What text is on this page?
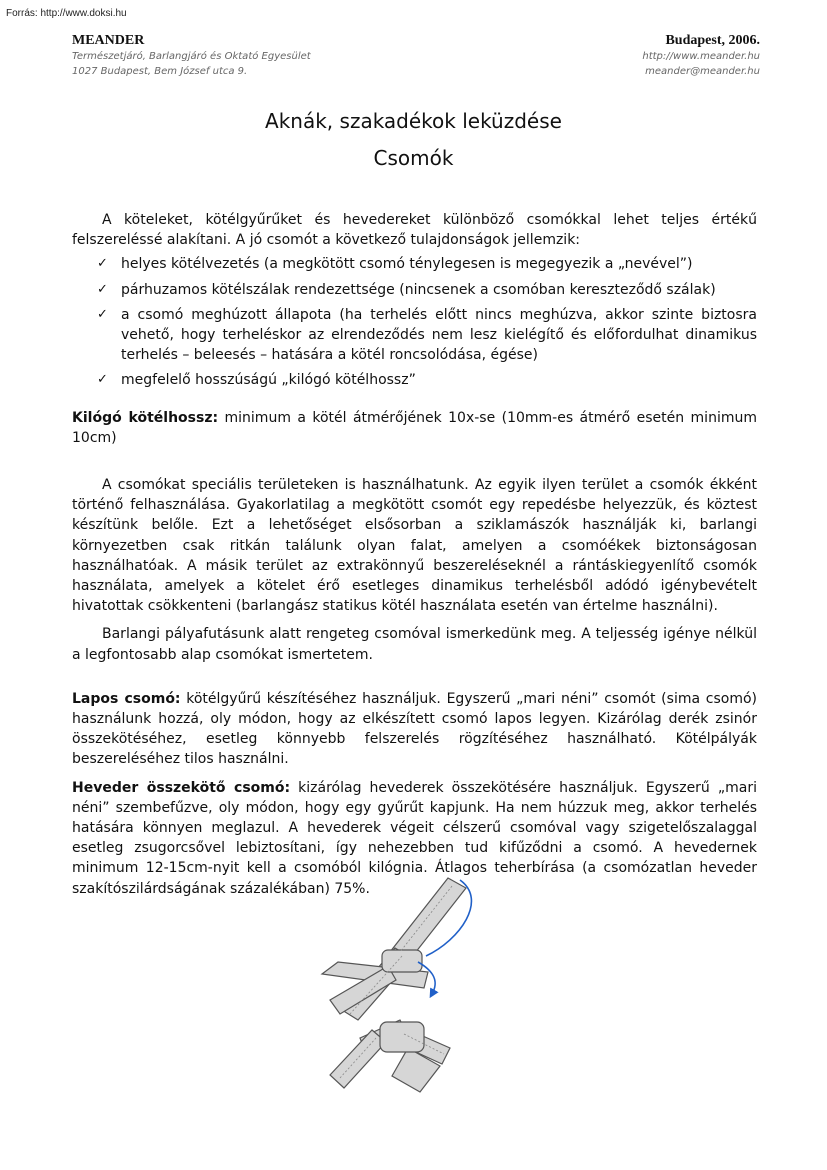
Forrás: http://www.doksi.hu
MEANDER
Természetjáró, Barlangjáró és Oktató Egyesület
1027 Budapest, Bem József utca 9.
Budapest, 2006.
http://www.meander.hu
meander@meander.hu
Aknák, szakadékok leküzdése
Csomók

A köteleket, kötélgyűrűket és hevedereket különböző csomókkal lehet teljes értékű felszereléssé alakítani. A jó csomót a következő tulajdonságok jellemzik:

✓ helyes kötélvezetés (a megkötött csomó ténylegesen is megegyezik a „nevével”)
✓ párhuzamos kötélszálak rendezettsége (nincsenek a csomóban kereszteződő szálak)
✓ a csomó meghúzott állapota (ha terhelés előtt nincs meghúzva, akkor szinte biztosra vehető, hogy terheléskor az elrendeződés nem lesz kielégítő és előfordulhat dinamikus terhelés – beleesés – hatására a kötél roncsolódása, égése)
✓ megfelelő hosszúságú „kilógó kötélhossz”

Kilógó kötélhossz: minimum a kötél átmérőjének 10x-se (10mm-es átmérő esetén minimum 10cm)

A csomókat speciális területeken is használhatunk. Az egyik ilyen terület a csomók ékként történő felhasználása. Gyakorlatilag a megkötött csomót egy repedésbe helyezzük, és köztest készítünk belőle. Ezt a lehetőséget elsősorban a sziklamászók használják ki, barlangi környezetben csak ritkán találunk olyan falat, amelyen a csomóékek biztonságosan használhatóak. A másik terület az extrakönnyű beszereléseknél a rántáskiegyenlítő csomók használata, amelyek a kötelet érő esetleges dinamikus terhelésből adódó igénybevételt hivatottak csökkenteni (barlangász statikus kötél használata esetén van értelme használni).

Barlangi pályafutásunk alatt rengeteg csomóval ismerkedünk meg. A teljesség igénye nélkül a legfontosabb alap csomókat ismertetem.

Lapos csomó: kötélgyűrű készítéséhez használjuk. Egyszerű „mari néni” csomót (sima csomó) használunk hozzá, oly módon, hogy az elkészített csomó lapos legyen. Kizárólag derék zsinór összekötéséhez, esetleg könnyebb felszerelés rögzítéséhez használható. Kötélpályák beszereléséhez tilos használni.

Heveder összekötő csomó: kizárólag hevederek összekötésére használjuk. Egyszerű „mari néni” szembefűzve, oly módon, hogy egy gyűrűt kapjunk. Ha nem húzzuk meg, akkor terhelés hatására könnyen meglazul. A hevederek végeit célszerű csomóval vagy szigetelőszalaggal esetleg zsugorcsővel lebiztosítani, így nehezebben tud kifűződni a csomó. A hevedernek minimum 12-15cm-nyit kell a csomóból kilógnia. Átlagos teherbírása (a csomózatlan heveder szakítószilárdságának százalékában) 75%.
